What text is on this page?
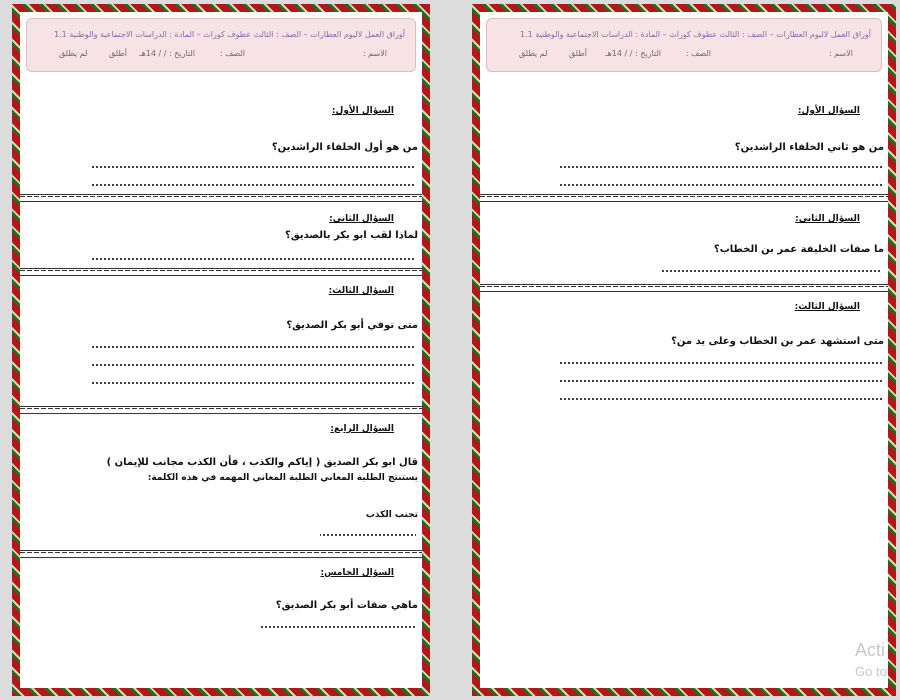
أوراق العمل لاليوم العطارات – الصف : الثالث عطوف كوراث – المادة : الدراسات الاجتماعية والوطنية 1.1
الاسم :
الصف :
التاريخ : / / 14هـ
أطلق
لم يطلق
السؤال الأول:
من هو أول الخلفاء الراشدين؟
السؤال الثاني:
لماذا لقب ابو بكر بالصديق؟
السؤال الثالث:
متى توفي أبو بكر الصديق؟
السؤال الرابع:
قال ابو بكر الصديق ( إياكم والكذب ، فأن الكذب مجانب للإيمان )
يستنتج الطلبة المعاني الطلبة المعاني المهمه في هذه الكلمة:
تجنب الكذب
السؤال الخامس:
ماهي صفات أبو بكر الصديق؟
أوراق العمل لاليوم العطارات – الصف : الثالث عطوف كوراث – المادة : الدراسات الاجتماعية والوطنية 1.1
الاسم :
الصف :
التاريخ : / / 14هـ
أطلق
لم يطلق
السؤال الأول:
من هو ثاني الخلفاء الراشدين؟
السؤال الثاني:
ما صفات الخليفة عمر بن الخطاب؟
السؤال الثالث:
متى استشهد عمر بن الخطاب وعلى يد من؟
Acti
Go to
